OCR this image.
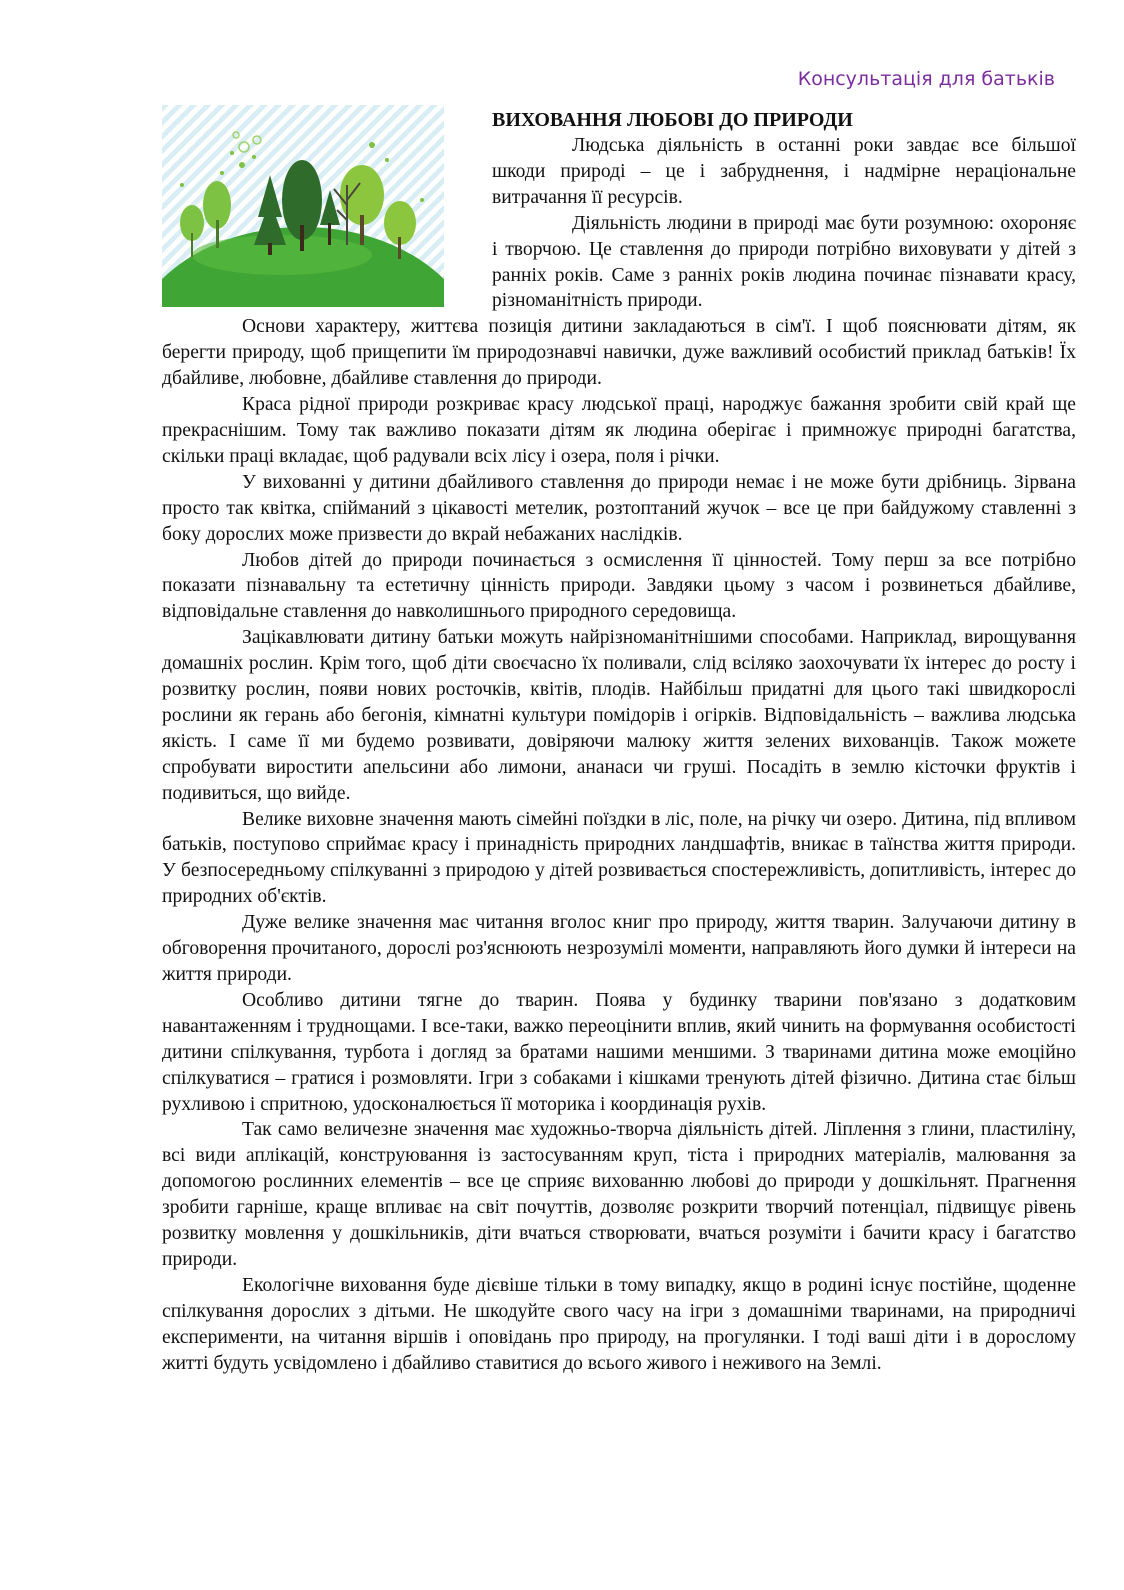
Консультація для батьків
ВИХОВАННЯ ЛЮБОВІ ДО ПРИРОДИ

Людська діяльність в останні роки завдає все більшої шкоди природі – це і забруднення, і надмірне нераціональне витрачання її ресурсів.

Діяльність людини в природі має бути розумною: охороняє і творчою. Це ставлення до природи потрібно виховувати у дітей з ранніх років. Саме з ранніх років людина починає пізнавати красу, різноманітність природи.

Основи характеру, життєва позиція дитини закладаються в сім'ї. І щоб пояснювати дітям, як берегти природу, щоб прищепити їм природознавчі навички, дуже важливий особистий приклад батьків! Їх дбайливе, любовне, дбайливе ставлення до природи.

Краса рідної природи розкриває красу людської праці, народжує бажання зробити свій край ще прекраснішим. Тому так важливо показати дітям як людина оберігає і примножує природні багатства, скільки праці вкладає, щоб радували всіх лісу і озера, поля і річки.

У вихованні у дитини дбайливого ставлення до природи немає і не може бути дрібниць. Зірвана просто так квітка, спійманий з цікавості метелик, розтоптаний жучок – все це при байдужому ставленні з боку дорослих може призвести до вкрай небажаних наслідків.

Любов дітей до природи починається з осмислення її цінностей. Тому перш за все потрібно показати пізнавальну та естетичну цінність природи. Завдяки цьому з часом і розвинеться дбайливе, відповідальне ставлення до навколишнього природного середовища.

Зацікавлювати дитину батьки можуть найрізноманітнішими способами. Наприклад, вирощування домашніх рослин. Крім того, щоб діти своєчасно їх поливали, слід всіляко заохочувати їх інтерес до росту і розвитку рослин, появи нових росточків, квітів, плодів. Найбільш придатні для цього такі швидкорослі рослини як герань або бегонія, кімнатні культури помідорів і огірків. Відповідальність – важлива людська якість. І саме її ми будемо розвивати, довіряючи малюку життя зелених вихованців. Також можете спробувати виростити апельсини або лимони, ананаси чи груші. Посадіть в землю кісточки фруктів і подивиться, що вийде.

Велике виховне значення мають сімейні поїздки в ліс, поле, на річку чи озеро. Дитина, під впливом батьків, поступово сприймає красу і принадність природних ландшафтів, вникає в таїнства життя природи. У безпосередньому спілкуванні з природою у дітей розвивається спостережливість, допитливість, інтерес до природних об'єктів.

Дуже велике значення має читання вголос книг про природу, життя тварин. Залучаючи дитину в обговорення прочитаного, дорослі роз'яснюють незрозумілі моменти, направляють його думки й інтереси на життя природи.

Особливо дитини тягне до тварин. Поява у будинку тварини пов'язано з додатковим навантаженням і труднощами. І все-таки, важко переоцінити вплив, який чинить на формування особистості дитини спілкування, турбота і догляд за братами нашими меншими. З тваринами дитина може емоційно спілкуватися – гратися і розмовляти. Ігри з собаками і кішками тренують дітей фізично. Дитина стає більш рухливою і спритною, удосконалюється її моторика і координація рухів.

Так само величезне значення має художньо-творча діяльність дітей. Ліплення з глини, пластиліну, всі види аплікацій, конструювання із застосуванням круп, тіста і природних матеріалів, малювання за допомогою рослинних елементів – все це сприяє вихованню любові до природи у дошкільнят. Прагнення зробити гарніше, краще впливає на світ почуттів, дозволяє розкрити творчий потенціал, підвищує рівень розвитку мовлення у дошкільників, діти вчаться створювати, вчаться розуміти і бачити красу і багатство природи.

Екологічне виховання буде дієвіше тільки в тому випадку, якщо в родині існує постійне, щоденне спілкування дорослих з дітьми. Не шкодуйте свого часу на ігри з домашніми тваринами, на природничі експерименти, на читання віршів і оповідань про природу, на прогулянки. І тоді ваші діти і в дорослому житті будуть усвідомлено і дбайливо ставитися до всього живого і неживого на Землі.
